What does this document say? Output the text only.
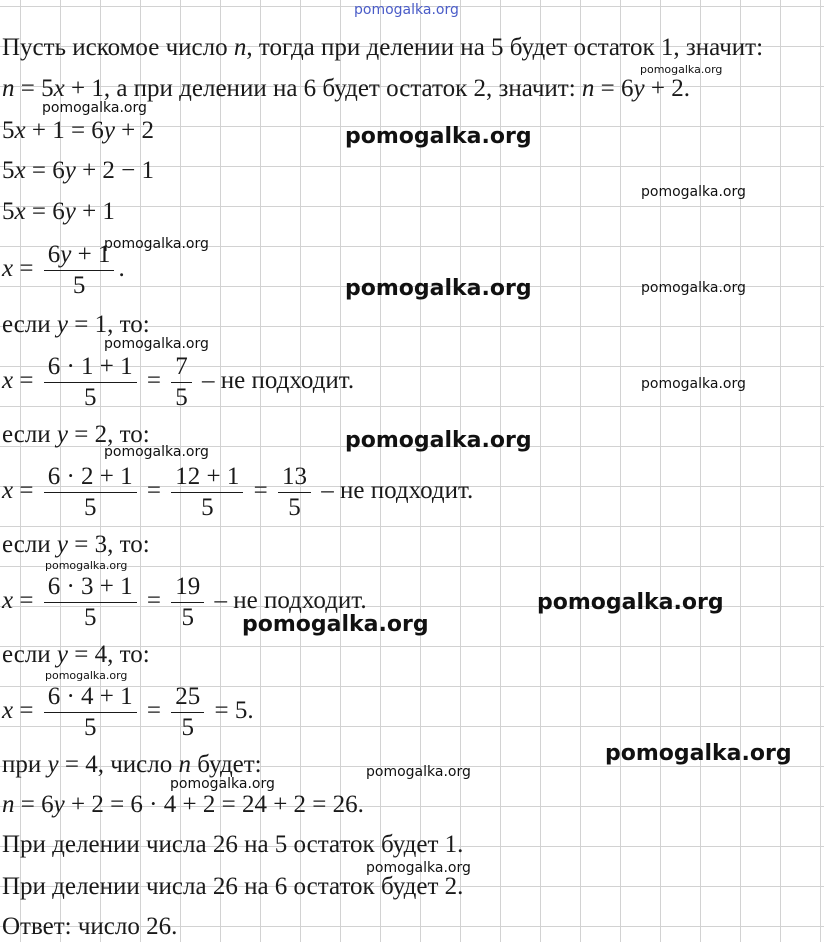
pomogalka.org
pomogalka.org
pomogalka.org
pomogalka.org
pomogalka.org
pomogalka.org
pomogalka.org	pomogalka.org
pomogalka.org
pomogalka.org
pomogalka.org
pomogalka.org
pomogalka.org
pomogalka.org
pomogalka.org
pomogalka.org
pomogalka.org
pomogalka.org
pomogalka.org
pomogalka.org
Пусть искомое число n, тогда при делении на 5 будет остаток 1, значит:
n = 5x + 1, а при делении на 6 будет остаток 2, значит: n = 6y + 2.
5x + 1 = 6y + 2
5x = 6y + 2 − 1
5x = 6y + 1
$x = \frac{6y + 1}{5}$ .
если y = 1, то:
$x = \frac{6 \cdot 1 + 1}{5} = \frac{7}{5}$ – не подходит.
если y = 2, то:
$x = \frac{6 \cdot 2 + 1}{5} = \frac{12 + 1}{5} = \frac{13}{5}$ – не подходит.
если y = 3, то:
$x = \frac{6 \cdot 3 + 1}{5} = \frac{19}{5}$ – не подходит.
если y = 4, то:
$x = \frac{6 \cdot 4 + 1}{5} = \frac{25}{5} = 5$.
при y = 4, число n будет:
n = 6y + 2 = 6 · 4 + 2 = 24 + 2 = 26.
При делении числа 26 на 5 остаток будет 1.
При делении числа 26 на 6 остаток будет 2.
Ответ: число 26.
